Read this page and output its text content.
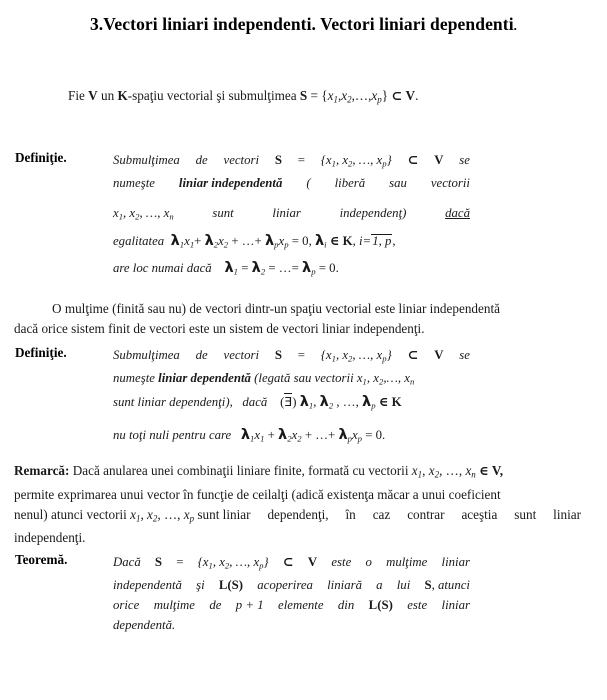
3.Vectori liniari independenti. Vectori liniari dependenti.
Fie V un K-spaţiu vectorial şi submulţimea $S = \{x_1,x_2,\dots,x_p\}$ ⊂ V.
Definiţie.	Submulţimea de vectori $S = \{x_1$, $x_2$, …, $x_p$} ⊂ V se
numeşte liniar independentă ( liberă sau vectorii
$x_1$, $x_2$, …, $x_n$	sunt	liniar	independenţ)	dacă
egalitatea $\lambda_1x_1+ \lambda_2x_2$ + …+ $\lambda_px_p = 0$, $\lambda_i$ ∈ K, i=1, p,
are loc numai dacă $\lambda_1 = \lambda_2$ = …= $\lambda_p = 0$.
O mulţime (finită sau nu) de vectori dintr-un spaţiu vectorial este liniar independentă
dacă orice sistem finit de vectori este un sistem de vectori liniar independenţi.
Definiţie.	Submulţimea de vectori $S = \{x_1$, $x_2$, …, $x_p$} ⊂ V se
numeşte liniar dependentă (legată sau vectorii $x_1$, $x_2,\dots$, $x_n$
sunt liniar dependenţi), dacă (
Ǝ) $\lambda_1$, $\lambda_2$ , …, $\lambda_p$ ∈ K
nu toţi nuli pentru care $\lambda_1x_1 + \lambda_2x_2$ + …+ $\lambda_px_p = 0$.
Remarcă: Dacă anularea unei combinaţii liniare finite, formată cu vectorii $x_1$, $x_2$, …, $x_n$ ∈ V,
permite exprimarea unui vector în funcţie de ceilalţi (adică existenţa măcar a unui coeficient
nenul) atunci vectorii $x_1$, $x_2$, …, $x_p$ sunt liniar dependenţi, în caz contrar aceştia sunt liniar
independenţi.
Teoremă.	Dacă $S = \{x_1$, $x_2$, …, $x_p$} ⊂ V este o mulţime liniar
independentă şi L(S) acoperirea liniară a lui S, atunci
orice mulţime de p + 1 elemente din L(S) este liniar
dependentă.
